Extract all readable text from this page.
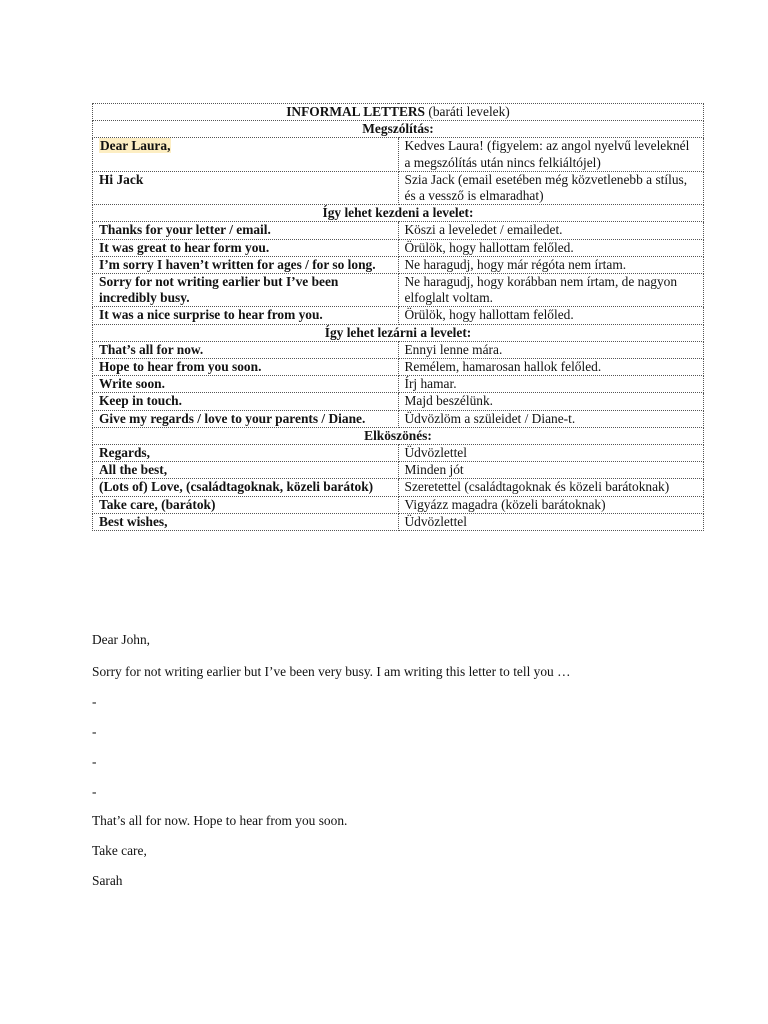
INFORMAL LETTERS (baráti levelek)	
Megszólítás:	
Dear Laura,	Kedves Laura! (figyelem: az angol nyelvű leveleknél a megszólítás után nincs felkiáltójel)
Hi Jack	Szia Jack (email esetében még közvetlenebb a stílus, és a vessző is elmaradhat)
Így lehet kezdeni a levelet:	
Thanks for your letter / email.	Köszi a leveledet / emailedet.
It was great to hear form you.	Örülök, hogy hallottam felőled.
I’m sorry I haven’t written for ages / for so long.	Ne haragudj, hogy már régóta nem írtam.
Sorry for not writing earlier but I’ve been incredibly busy.	Ne haragudj, hogy korábban nem írtam, de nagyon elfoglalt voltam.
It was a nice surprise to hear from you.	Örülök, hogy hallottam felőled.
Így lehet lezárni a levelet:	
That’s all for now.	Ennyi lenne mára.
Hope to hear from you soon.	Remélem, hamarosan hallok felőled.
Write soon.	Írj hamar.
Keep in touch.	Majd beszélünk.
Give my regards / love to your parents / Diane.	Üdvözlöm a szüleidet / Diane-t.
Elköszönés:	
Regards,	Üdvözlettel
All the best,	Minden jót
(Lots of) Love, (családtagoknak, közeli barátok)	Szeretettel (családtagoknak és közeli barátoknak)
Take care, (barátok)	Vigyázz magadra (közeli barátoknak)
Best wishes,	Üdvözlettel
Dear John,
Sorry for not writing earlier but I’ve been very busy. I am writing this letter to tell you …
-
-
-
-
That’s all for now. Hope to hear from you soon.
Take care,
Sarah
